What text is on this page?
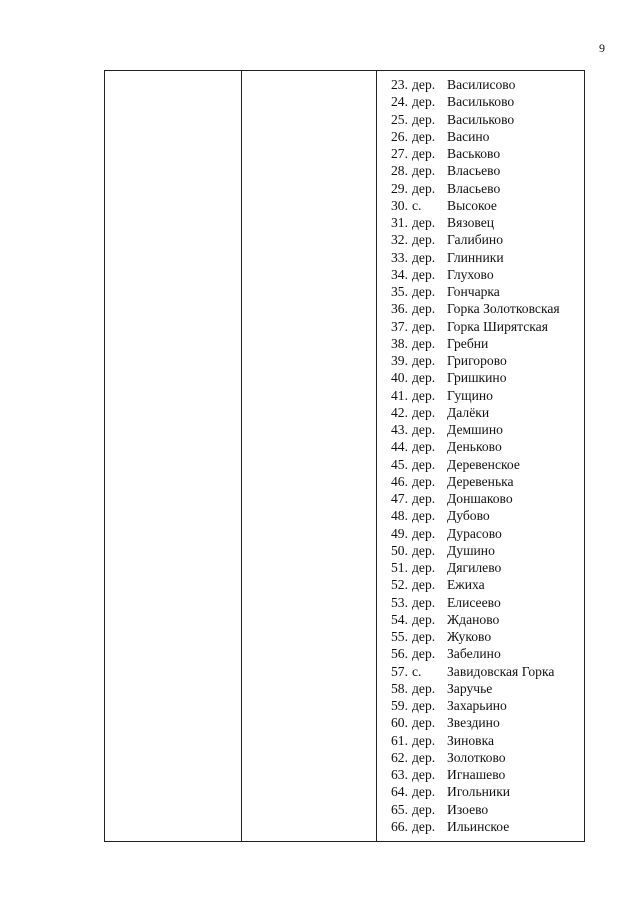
9
23. дер. Василисово
24. дер. Васильково
25. дер. Васильково
26. дер. Васино
27. дер. Васьково
28. дер. Власьево
29. дер. Власьево
30. с.	Высокое
31. дер. Вязовец
32. дер. Галибино
33. дер. Глинники
34. дер. Глухово
35. дер. Гончарка
36. дер. Горка Золотковская
37. дер. Горка Ширятская
38. дер. Гребни
39. дер. Григорово
40. дер. Гришкино
41. дер. Гущино
42. дер. Далёки
43. дер. Демшино
44. дер. Деньково
45. дер. Деревенское
46. дер. Деревенька
47. дер. Доншаково
48. дер. Дубово
49. дер. Дурасово
50. дер. Душино
51. дер. Дягилево
52. дер. Ежиха
53. дер. Елисеево
54. дер. Жданово
55. дер. Жуково
56. дер. Забелино
57. с.	Завидовская Горка
58. дер. Заручье
59. дер. Захарьино
60. дер. Звездино
61. дер. Зиновка
62. дер. Золотково
63. дер. Игнашево
64. дер. Игольники
65. дер. Изоево
66. дер. Ильинское
